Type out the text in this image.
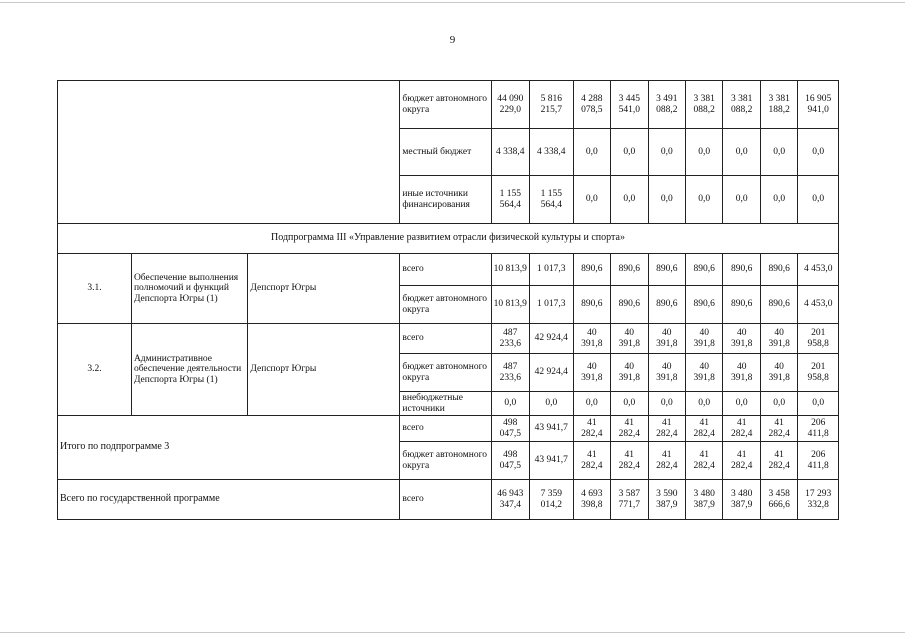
9
			бюджет автономного округа	44 090 229,0	5 816 215,7	4 288 078,5	3 445 541,0	3 491 088,2	3 381 088,2	3 381 088,2	3 381 188,2	16 905 941,0
			местный бюджет	4 338,4	4 338,4	0,0	0,0	0,0	0,0	0,0	0,0	0,0
			иные источники финансирования	1 155 564,4	1 155 564,4	0,0	0,0	0,0	0,0	0,0	0,0	0,0
Подпрограмма III «Управление развитием отрасли физической культуры и спорта»												
3.1.	Обеспечение выполнения полномочий и функций Депспорта Югры (1)	Депспорт Югры	всего	10 813,9	1 017,3	890,6	890,6	890,6	890,6	890,6	890,6	4 453,0
			бюджет автономного округа	10 813,9	1 017,3	890,6	890,6	890,6	890,6	890,6	890,6	4 453,0
3.2.	Административное обеспечение деятельности Депспорта Югры (1)	Депспорт Югры	всего	487 233,6	42 924,4	40 391,8	40 391,8	40 391,8	40 391,8	40 391,8	40 391,8	201 958,8
			бюджет автономного округа	487 233,6	42 924,4	40 391,8	40 391,8	40 391,8	40 391,8	40 391,8	40 391,8	201 958,8
			внебюджетные источники	0,0	0,0	0,0	0,0	0,0	0,0	0,0	0,0	0,0
Итого по подпрограмме 3			всего	498 047,5	43 941,7	41 282,4	41 282,4	41 282,4	41 282,4	41 282,4	41 282,4	206 411,8
			бюджет автономного округа	498 047,5	43 941,7	41 282,4	41 282,4	41 282,4	41 282,4	41 282,4	41 282,4	206 411,8
Всего по государственной программе			всего	46 943 347,4	7 359 014,2	4 693 398,8	3 587 771,7	3 590 387,9	3 480 387,9	3 480 387,9	3 458 666,6	17 293 332,8
